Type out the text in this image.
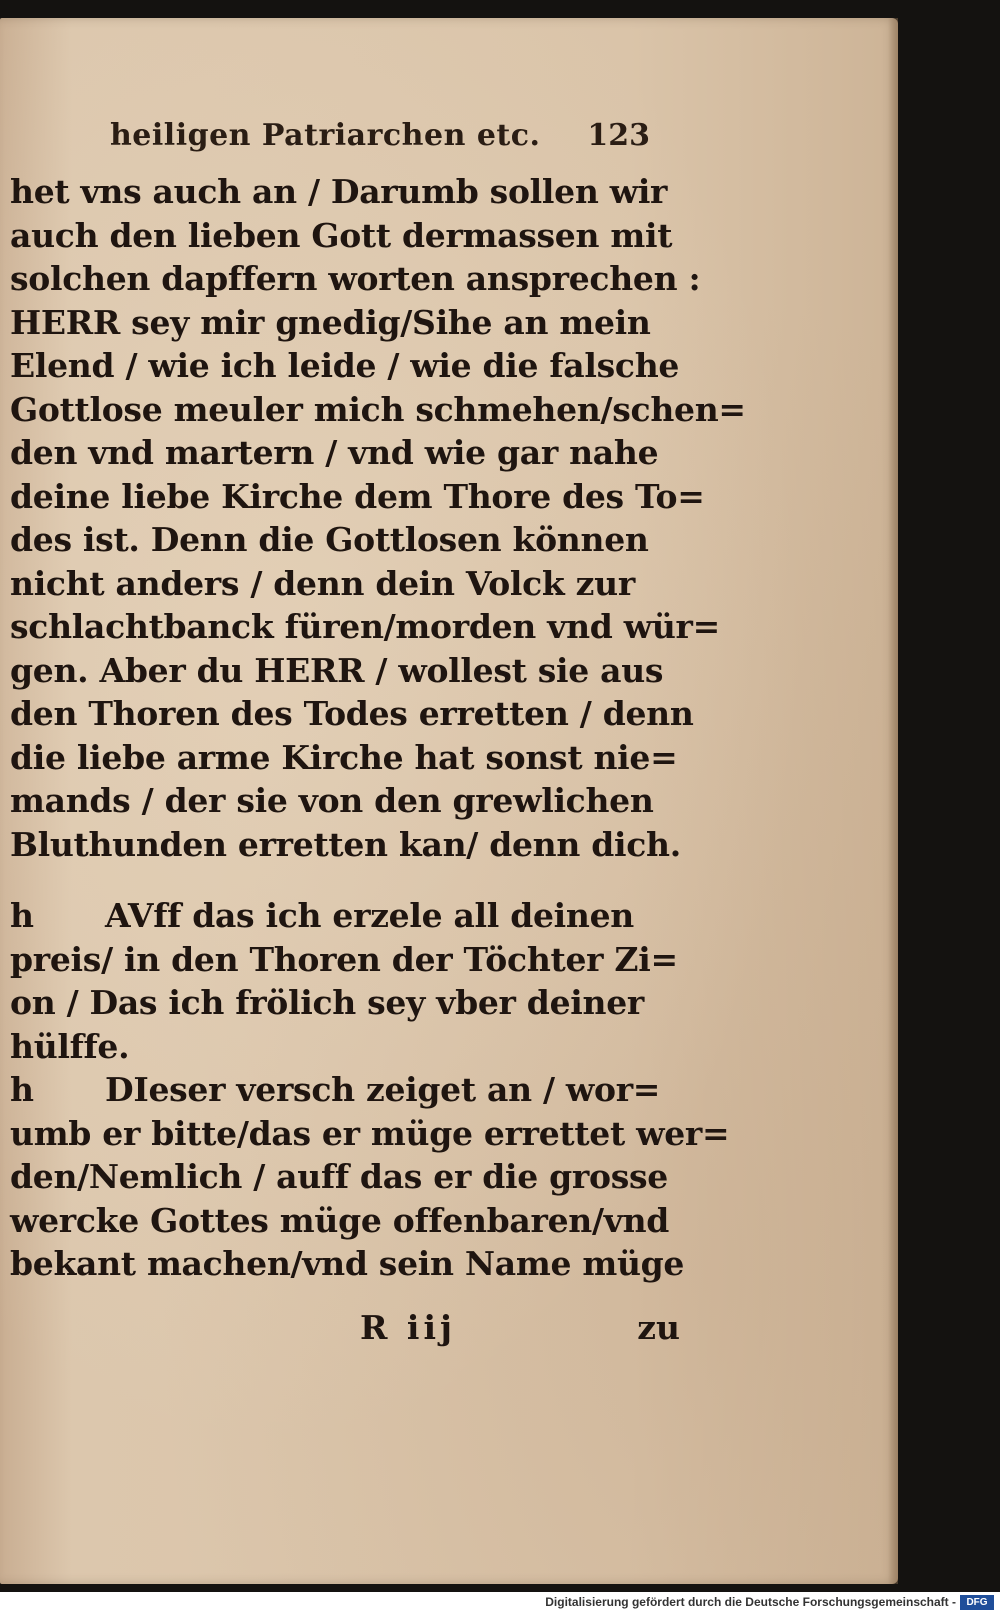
heiligen Patriarchen etc. 123
het vns auch an / Darumb sollen wir
auch den lieben Gott dermassen mit
solchen dapffern worten ansprechen :
HERR sey mir gnedig/Sihe an mein
Elend / wie ich leide / wie die falsche
Gottlose meuler mich schmehen/schen=
den vnd martern / vnd wie gar nahe
deine liebe Kirche dem Thore des To=
des ist. Denn die Gottlosen können
nicht anders / denn dein Volck zur
schlachtbanck füren/morden vnd wür=
gen. Aber du HERR / wollest sie aus
den Thoren des Todes erretten / denn
die liebe arme Kirche hat sonst nie=
mands / der sie von den grewlichen
Bluthunden erretten kan/ denn dich.
h AVff das ich erzele all deinen
preis/ in den Thoren der Töchter Zi=
on / Das ich frölich sey vber deiner
hülffe.
h DIeser versch zeiget an / wor=
umb er bitte/das er müge errettet wer=
den/Nemlich / auff das er die grosse
wercke Gottes müge offenbaren/vnd
bekant machen/vnd sein Name müge
R iij	zu
Digitalisierung gefördert durch die Deutsche Forschungsgemeinschaft -	DFG
